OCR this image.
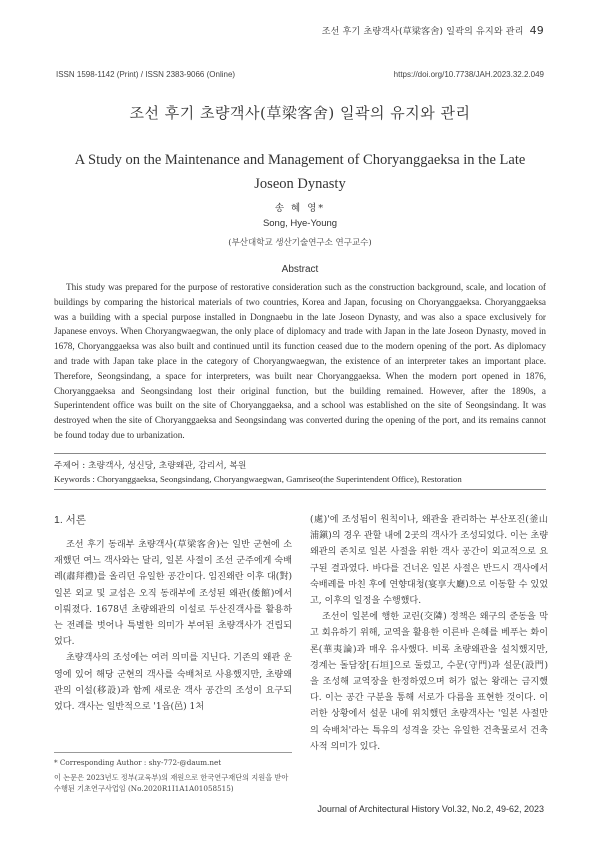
조선 후기 초량객사(草梁客舍) 일곽의 유지와 관리 49
ISSN 1598-1142 (Print) / ISSN 2383-9066 (Online)	https://doi.org/10.7738/JAH.2023.32.2.049
조선 후기 초량객사(草梁客舍) 일곽의 유지와 관리
A Study on the Maintenance and Management of Choryanggaeksa in the Late Joseon Dynasty
송 혜 영*
Song, Hye-Young
(부산대학교 생산기술연구소 연구교수)
Abstract
This study was prepared for the purpose of restorative consideration such as the construction background, scale, and location of buildings by comparing the historical materials of two countries, Korea and Japan, focusing on Choryanggaeksa. Choryanggaeksa was a building with a special purpose installed in Dongnaebu in the late Joseon Dynasty, and was also a space exclusively for Japanese envoys. When Choryangwaegwan, the only place of diplomacy and trade with Japan in the late Joseon Dynasty, moved in 1678, Choryanggaeksa was also built and continued until its function ceased due to the modern opening of the port. As diplomacy and trade with Japan take place in the category of Choryangwaegwan, the existence of an interpreter takes an important place. Therefore, Seongsindang, a space for interpreters, was built near Choryanggaeksa. When the modern port opened in 1876, Choryanggaeksa and Seongsindang lost their original function, but the building remained. However, after the 1890s, a Superintendent office was built on the site of Choryanggaeksa, and a school was established on the site of Seongsindang. It was destroyed when the site of Choryanggaeksa and Seongsindang was converted during the opening of the port, and its remains cannot be found today due to urbanization.
주제어 : 초량객사, 성신당, 초량왜관, 감리서, 복원
Keywords : Choryanggaeksa, Seongsindang, Choryangwaegwan, Gamriseo(the Superintendent Office), Restoration
1. 서론

조선 후기 동래부 초량객사(草梁客舍)는 일반 군현에 소재했던 여느 객사와는 달리, 일본 사절이 조선 군주에게 숙배례(肅拜禮)를 올리던 유일한 공간이다. 임진왜란 이후 대(對)일본 외교 및 교섭은 오직 동래부에 조성된 왜관(倭館)에서 이뤄졌다. 1678년 초량왜관의 이설로 두산진객사를 활용하는 전례를 벗어나 특별한 의미가 부여된 초량객사가 건립되었다.

초량객사의 조성에는 여러 의미를 지닌다. 기존의 왜관 운영에 있어 해당 군현의 객사를 숙배처로 사용했지만, 초량왜관의 이설(移設)과 함께 새로운 객사 공간의 조성이 요구되었다. 객사는 일반적으로 '1읍(邑) 1처

(處)'에 조성됨이 원칙이나, 왜관을 관리하는 부산포진(釜山浦鎭)의 경우 관할 내에 2곳의 객사가 조성되었다. 이는 초량왜관의 존치로 일본 사절을 위한 객사 공간이 외교적으로 요구된 결과였다. 바다를 건너온 일본 사절은 반드시 객사에서 숙배례를 마친 후에 연향대청(宴享大廳)으로 이동할 수 있었고, 이후의 일정을 수행했다.

조선이 일본에 행한 교린(交隣) 정책은 왜구의 준동을 막고 회유하기 위해, 교역을 활용한 이른바 은혜를 베푸는 화이론(華夷論)과 매우 유사했다. 비록 초량왜관을 설치했지만, 경계는 돌담장[石垣]으로 둘렀고, 수문(守門)과 설문(設門)을 조성해 교역장을 한정하였으며 허가 없는 왕래는 금지했다. 이는 공간 구분을 통해 서로가 다름을 표현한 것이다. 이러한 상황에서 설문 내에 위치했던 초량객사는 '일본 사절만의 숙배처'라는 특유의 성격을 갖는 유일한 건축물로서 건축사적 의미가 있다.

* Corresponding Author : shy-772-@daum.net
이 논문은 2023년도 정부(교육부)의 재원으로 한국연구재단의 지원을 받아 수행된 기초연구사업임 (No.2020R1I1A1A01058515)
Journal of Architectural History Vol.32, No.2, 49-62, 2023
